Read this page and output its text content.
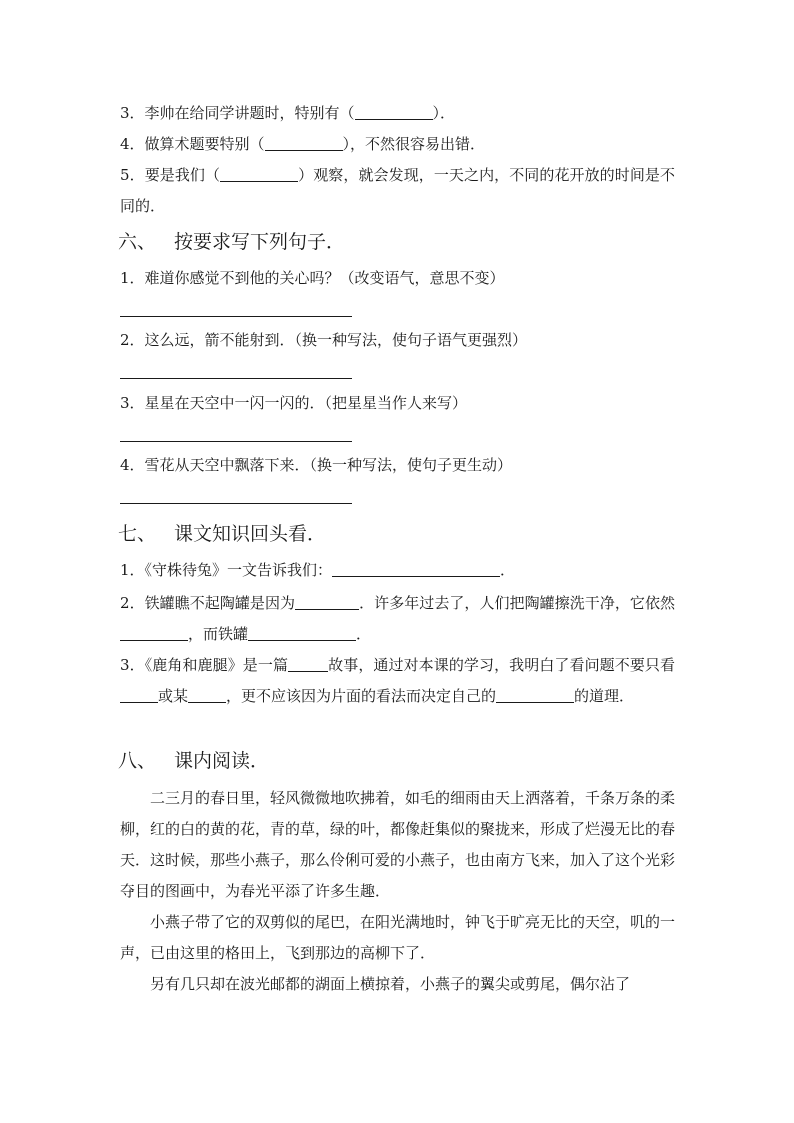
3．李帅在给同学讲题时，特别有（	）．
4．做算术题要特别（	），不然很容易出错．
5．要是我们（	）观察，就会发现，一天之内，不同的花开放的时间是不同的．
六、 按要求写下列句子．
1．难道你感觉不到他的关心吗？（改变语气，意思不变）
2．这么远，箭不能射到．（换一种写法，使句子语气更强烈）
3．星星在天空中一闪一闪的．（把星星当作人来写）
4．雪花从天空中飘落下来．（换一种写法，使句子更生动）
七、 课文知识回头看．
1．《守株待兔》一文告诉我们：	．
2．铁罐瞧不起陶罐是因为	．许多年过去了，人们把陶罐擦洗干净，它依然，而铁罐	．
3．《鹿角和鹿腿》是一篇	故事，通过对本课的学习，我明白了看问题不要只看或某	，更不应该因为片面的看法而决定自己的	的道理．
八、 课内阅读．
二三月的春日里，轻风微微地吹拂着，如毛的细雨由天上洒落着，千条万条的柔柳，红的白的黄的花，青的草，绿的叶，都像赶集似的聚拢来，形成了烂漫无比的春天．这时候，那些小燕子，那么伶俐可爱的小燕子，也由南方飞来，加入了这个光彩夺目的图画中，为春光平添了许多生趣．
小燕子带了它的双剪似的尾巴，在阳光满地时，钟飞于旷亮无比的天空，叽的一声，已由这里的格田上，飞到那边的高柳下了．
另有几只却在波光邮都的湖面上横掠着，小燕子的翼尖或剪尾，偶尔沾了
